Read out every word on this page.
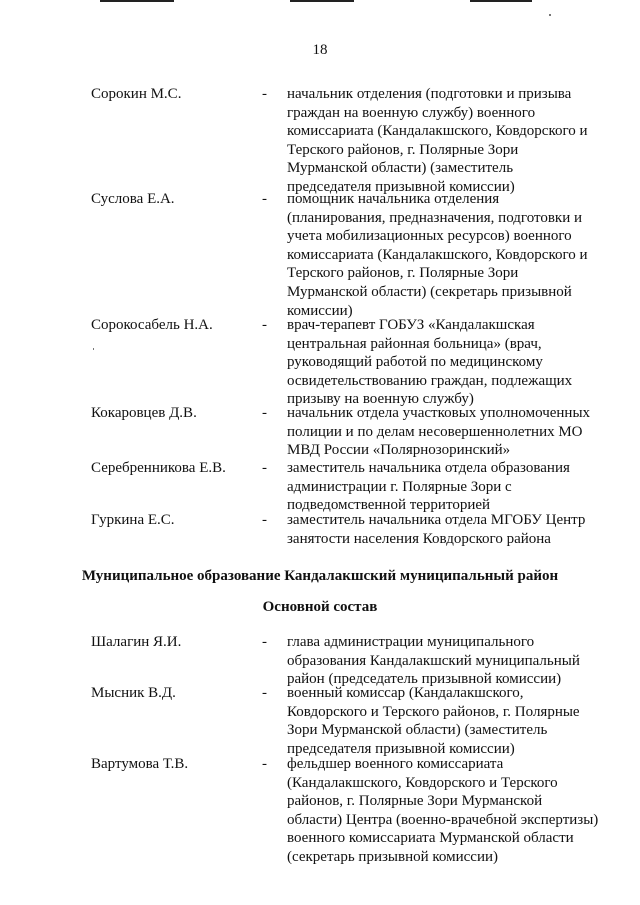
18
Сорокин М.С.	- начальник отделения (подготовки и призыва
граждан на военную службу) военного
комиссариата (Кандалакшского, Ковдорского и
Терского районов, г. Полярные Зори
Мурманской области) (заместитель
председателя призывной комиссии)
Суслова Е.А.	- помощник начальника отделения
(планирования, предназначения, подготовки и
учета мобилизационных ресурсов) военного
комиссариата (Кандалакшского, Ковдорского и
Терского районов, г. Полярные Зори
Мурманской области) (секретарь призывной
комиссии)
Сорокосабель Н.А.	- врач-терапевт ГОБУЗ «Кандалакшская
центральная районная больница» (врач,
руководящий работой по медицинскому
освидетельствованию граждан, подлежащих
призыву на военную службу)
Кокаровцев Д.В.	- начальник отдела участковых уполномоченных
полиции и по делам несовершеннолетних МО
МВД России «Полярнозоринский»
Серебренникова Е.В. - заместитель начальника отдела образования
администрации г. Полярные Зори с
подведомственной территорией
Гуркина Е.С.	- заместитель начальника отдела МГОБУ Центр
занятости населения Ковдорского района
Муниципальное образование Кандалакшский муниципальный район
Основной состав
Шалагин Я.И.	- глава администрации муниципального
образования Кандалакшский муниципальный
район (председатель призывной комиссии)
Мысник В.Д.	- военный комиссар (Кандалакшского,
Ковдорского и Терского районов, г. Полярные
Зори Мурманской области) (заместитель
председателя призывной комиссии)
Вартумова Т.В.	- фельдшер военного комиссариата
(Кандалакшского, Ковдорского и Терского
районов, г. Полярные Зори Мурманской
области) Центра (военно-врачебной экспертизы)
военного комиссариата Мурманской области
(секретарь призывной комиссии)
